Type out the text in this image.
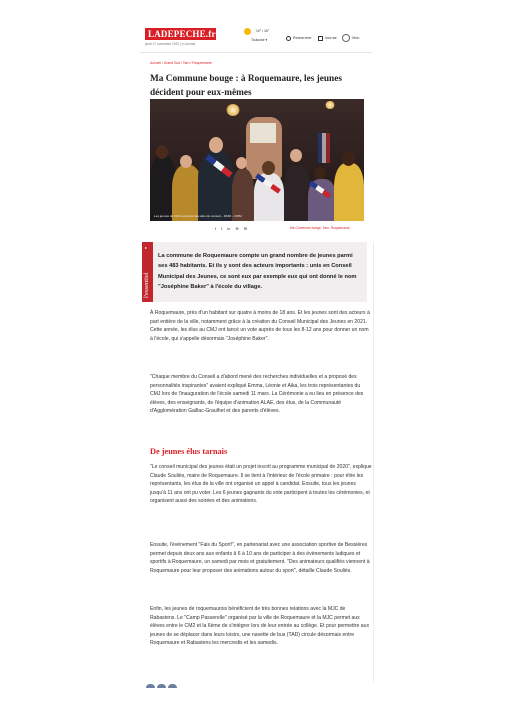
LADEPECHE.fr
jeudi 17 novembre 2022 | e-Journal
10° / 16°
Toulouse ▾	Rechercher	Journal	Mon
Accueil / Grand Sud / Tarn / Roquemaure
Ma Commune bouge : à Roquemaure, les jeunes décident pour eux-mêmes
Les jeunes du CMJ entourés des élus du conseil – DDM – DDM
f t in ⊕ ✉	Ma Commune bouge, Tarn, Roquemaure
▸
l'essentiel
La commune de Roquemaure compte un grand nombre de jeunes parmi ses 483 habitants. Et ils y sont des acteurs importants : unis en Conseil Municipal des Jeunes, ce sont eux par exemple eux qui ont donné le nom "Joséphine Baker" à l'école du village.

À Roquemaure, près d'un habitant sur quatre à moins de 18 ans. Et les jeunes sont des acteurs à part entière de la ville, notamment grâce à la création du Conseil Municipal des Jeunes en 2021. Cette année, les élus au CMJ ont lancé un vote auprès de tous les 8-12 ans pour donner un nom à l'école, qui s'appelle désormais "Joséphine Baker".

"Chaque membre du Conseil a d'abord mené des recherches individuelles et a proposé des personnalités inspirantes" avaient expliqué Emma, Léonie et Aika, les trois représentantes du CMJ lors de l'inauguration de l'école samedi 11 mars. La Cérémonie a eu lieu en présence des élèves, des enseignants, de l'équipe d'animation ALAE, des élus, de la Communauté d'Agglomération Gaillac-Graulhet et des parents d'élèves.

De jeunes élus tarnais

"Le conseil municipal des jeunes était un projet inscrit au programme municipal de 2020", explique Claude Souliès, maire de Roquemaure. Il se tient à l'intérieur de l'école primaire : pour élire les représentants, les élus de la ville ont organisé un appel à candidat. Ensuite, tous les jeunes jusqu'à 11 ans ont pu voter. Les 6 jeunes gagnants du vote participent à toutes les cérémonies, et organisent aussi des soirées et des animations.

Ensuite, l'évènement "Fais du Sport!", en partenariat avec une association sportive de Bessières permet depuis deux ans aux enfants â 6 à 10 ans de participer à des évènements ludiques et sportifs à Roquemaure, un samedi par mois et gratuitement. "Des animateurs qualifiés viennent à Roquemaure pour leur proposer des animations autour du sport", détaille Claude Souliès.

Enfin, les jeunes de roquemaurois bénéficient de très bonnes relations avec la MJC de Rabastens. Le "Camp Passerelle" organisé par la ville de Roquemaure et la MJC permet aux élèves entre le CM2 et la 6ème de s'intégrer lors de leur entrée au collège. Et pour permettre aux jeunes de se déplacer dans leurs loisirs, une navette de bus (TAD) circule désormais entre Roquemaure et Rabastens les mercredis et les samedis.
